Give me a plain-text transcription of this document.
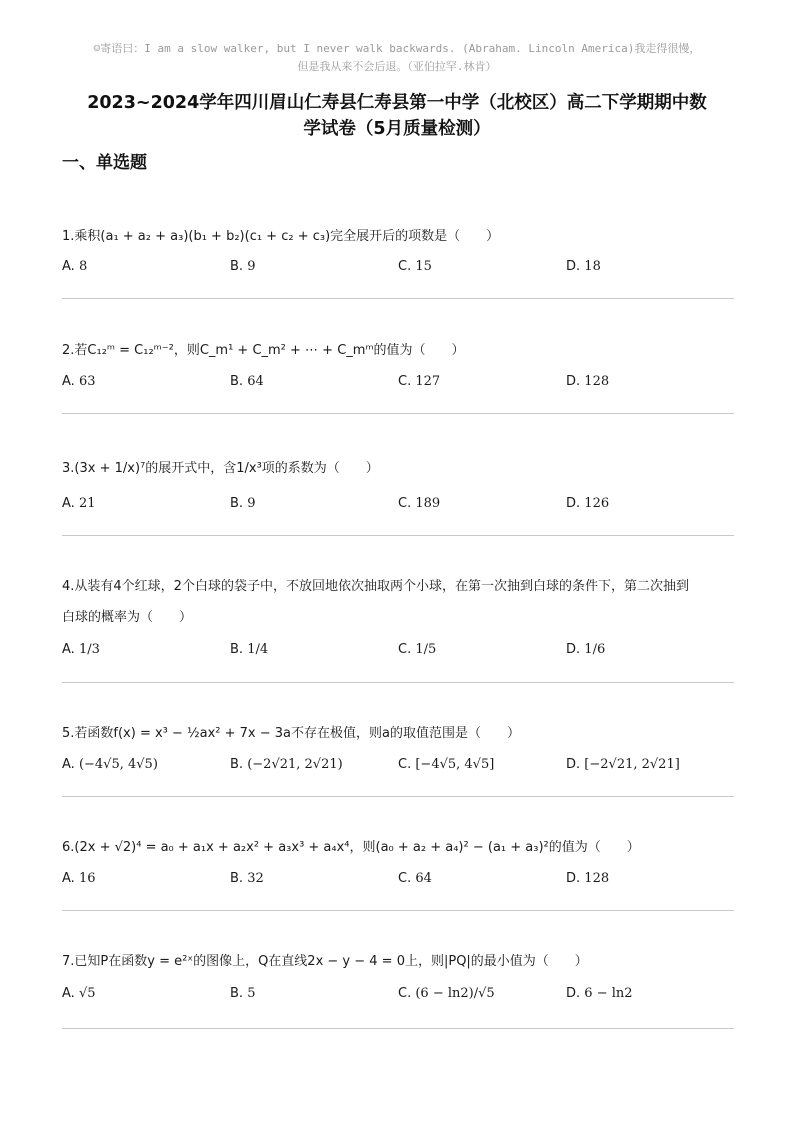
☺寄语曰：I am a slow walker, but I never walk backwards. (Abraham. Lincoln America)我走得很慢，
但是我从来不会后退。（亚伯拉罕.林肯）
2023~2024学年四川眉山仁寿县仁寿县第一中学（北校区）高二下学期期中数
学试卷（5月质量检测）
一、单选题
1.乘积(a₁ + a₂ + a₃)(b₁ + b₂)(c₁ + c₂ + c₃)完全展开后的项数是（　　）
A. 8	B. 9	C. 15	D. 18
2.若C₁₂ᵐ = C₁₂ᵐ⁻²，则C_m¹ + C_m² + ⋯ + C_mᵐ的值为（　　）
A. 63	B. 64	C. 127	D. 128
3.(3x + 1/x)⁷的展开式中，含1/x³项的系数为（　　）
A. 21	B. 9	C. 189	D. 126
4.从装有4个红球，2个白球的袋子中，不放回地依次抽取两个小球，在第一次抽到白球的条件下，第二次抽到
白球的概率为（　　）
A. 1/3	B. 1/4	C. 1/5	D. 1/6
5.若函数f(x) = x³ − ½ax² + 7x − 3a不存在极值，则a的取值范围是（　　）
A. (−4√5, 4√5)	B. (−2√21, 2√21)	C. [−4√5, 4√5]	D. [−2√21, 2√21]
6.(2x + √2)⁴ = a₀ + a₁x + a₂x² + a₃x³ + a₄x⁴，则(a₀ + a₂ + a₄)² − (a₁ + a₃)²的值为（　　）
A. 16	B. 32	C. 64	D. 128
7.已知P在函数y = e²ˣ的图像上，Q在直线2x − y − 4 = 0上，则|PQ|的最小值为（　　）
A. √5	B. 5	C. (6 − ln2)/√5	D. 6 − ln2
